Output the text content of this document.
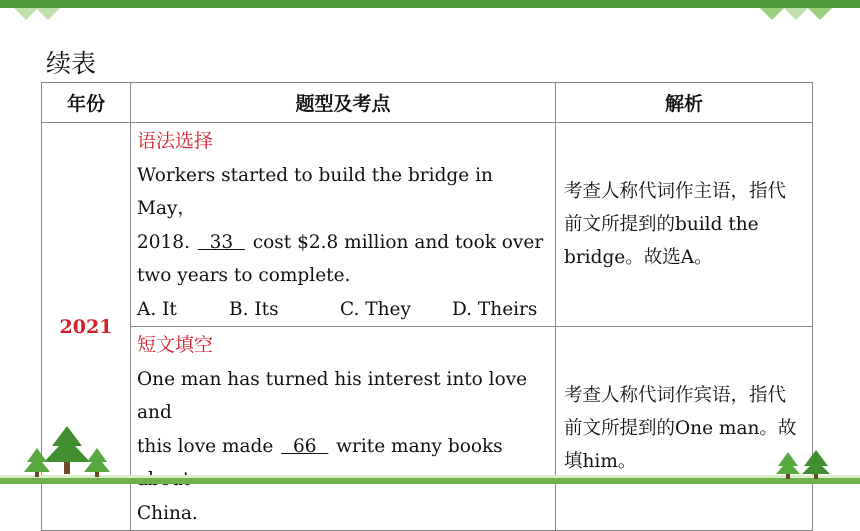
续表
年份	题型及考点	解析
2021	语法选择
Workers started to build the bridge in May，
2018.   33   cost $2.8 million and took over
two years to complete.
A. It B. Its C. They D. Theirs	考查人称代词作主语，指代前文所提到的build the bridge。故选A。

	短文填空
One man has turned his interest into love and
this love made   66   write many books
China.	考查人称代词作宾语，指代前文所提到的One man。故填him。
